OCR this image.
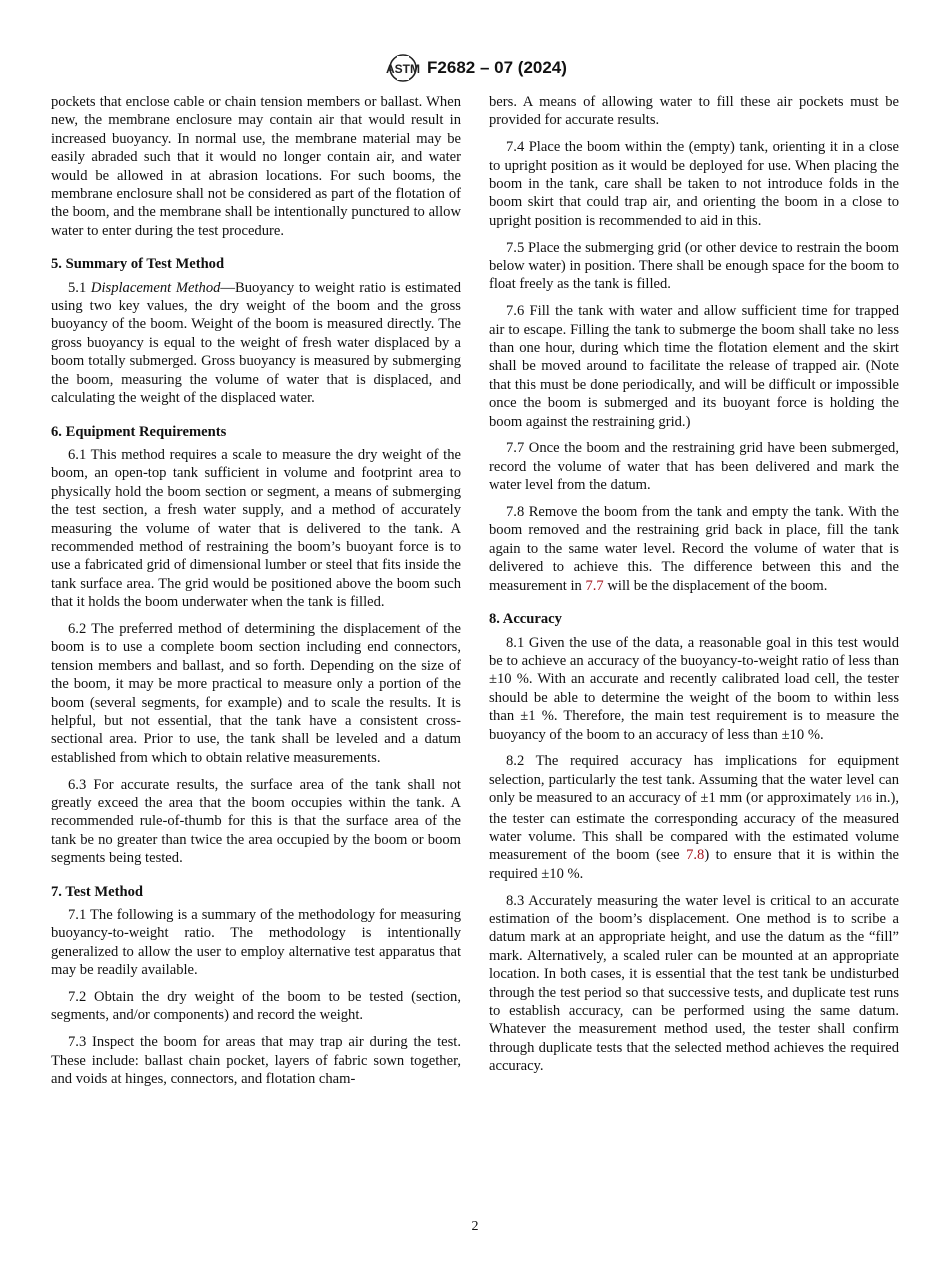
ASTM F2682 – 07 (2024)

pockets that enclose cable or chain tension members or ballast. When new, the membrane enclosure may contain air that would result in increased buoyancy. In normal use, the membrane material may be easily abraded such that it would no longer contain air, and water would be allowed in at abrasion locations. For such booms, the membrane enclosure shall not be considered as part of the flotation of the boom, and the membrane shall be intentionally punctured to allow water to enter during the test procedure.

5. Summary of Test Method

5.1 Displacement Method—Buoyancy to weight ratio is estimated using two key values, the dry weight of the boom and the gross buoyancy of the boom. Weight of the boom is measured directly. The gross buoyancy is equal to the weight of fresh water displaced by a boom totally submerged. Gross buoyancy is measured by submerging the boom, measuring the volume of water that is displaced, and calculating the weight of the displaced water.

6. Equipment Requirements

6.1 This method requires a scale to measure the dry weight of the boom, an open-top tank sufficient in volume and footprint area to physically hold the boom section or segment, a means of submerging the test section, a fresh water supply, and a method of accurately measuring the volume of water that is delivered to the tank. A recommended method of restraining the boom’s buoyant force is to use a fabricated grid of dimensional lumber or steel that fits inside the tank surface area. The grid would be positioned above the boom such that it holds the boom underwater when the tank is filled.

6.2 The preferred method of determining the displacement of the boom is to use a complete boom section including end connectors, tension members and ballast, and so forth. Depending on the size of the boom, it may be more practical to measure only a portion of the boom (several segments, for example) and to scale the results. It is helpful, but not essential, that the tank have a consistent cross-sectional area. Prior to use, the tank shall be leveled and a datum established from which to obtain relative measurements.

6.3 For accurate results, the surface area of the tank shall not greatly exceed the area that the boom occupies within the tank. A recommended rule-of-thumb for this is that the surface area of the tank be no greater than twice the area occupied by the boom or boom segments being tested.

7. Test Method

7.1 The following is a summary of the methodology for measuring buoyancy-to-weight ratio. The methodology is intentionally generalized to allow the user to employ alternative test apparatus that may be readily available.

7.2 Obtain the dry weight of the boom to be tested (section, segments, and/or components) and record the weight.

7.3 Inspect the boom for areas that may trap air during the test. These include: ballast chain pocket, layers of fabric sown together, and voids at hinges, connectors, and flotation cham-

bers. A means of allowing water to fill these air pockets must be provided for accurate results.

7.4 Place the boom within the (empty) tank, orienting it in a close to upright position as it would be deployed for use. When placing the boom in the tank, care shall be taken to not introduce folds in the boom skirt that could trap air, and orienting the boom in a close to upright position is recommended to aid in this.

7.5 Place the submerging grid (or other device to restrain the boom below water) in position. There shall be enough space for the boom to float freely as the tank is filled.

7.6 Fill the tank with water and allow sufficient time for trapped air to escape. Filling the tank to submerge the boom shall take no less than one hour, during which time the flotation element and the skirt shall be moved around to facilitate the release of trapped air. (Note that this must be done periodically, and will be difficult or impossible once the boom is submerged and its buoyant force is holding the boom against the restraining grid.)

7.7 Once the boom and the restraining grid have been submerged, record the volume of water that has been delivered and mark the water level from the datum.

7.8 Remove the boom from the tank and empty the tank. With the boom removed and the restraining grid back in place, fill the tank again to the same water level. Record the volume of water that is delivered to achieve this. The difference between this and the measurement in 7.7 will be the displacement of the boom.

8. Accuracy

8.1 Given the use of the data, a reasonable goal in this test would be to achieve an accuracy of the buoyancy-to-weight ratio of less than ±10 %. With an accurate and recently calibrated load cell, the tester should be able to determine the weight of the boom to within less than ±1 %. Therefore, the main test requirement is to measure the buoyancy of the boom to an accuracy of less than ±10 %.

8.2 The required accuracy has implications for equipment selection, particularly the test tank. Assuming that the water level can only be measured to an accuracy of ±1 mm (or approximately 1⁄16 in.), the tester can estimate the corresponding accuracy of the measured water volume. This shall be compared with the estimated volume measurement of the boom (see 7.8) to ensure that it is within the required ±10 %.

8.3 Accurately measuring the water level is critical to an accurate estimation of the boom’s displacement. One method is to scribe a datum mark at an appropriate height, and use the datum as the “fill” mark. Alternatively, a scaled ruler can be mounted at an appropriate location. In both cases, it is essential that the test tank be undisturbed through the test period so that successive tests, and duplicate test runs to establish accuracy, can be performed using the same datum. Whatever the measurement method used, the tester shall confirm through duplicate tests that the selected method achieves the required accuracy.

2
